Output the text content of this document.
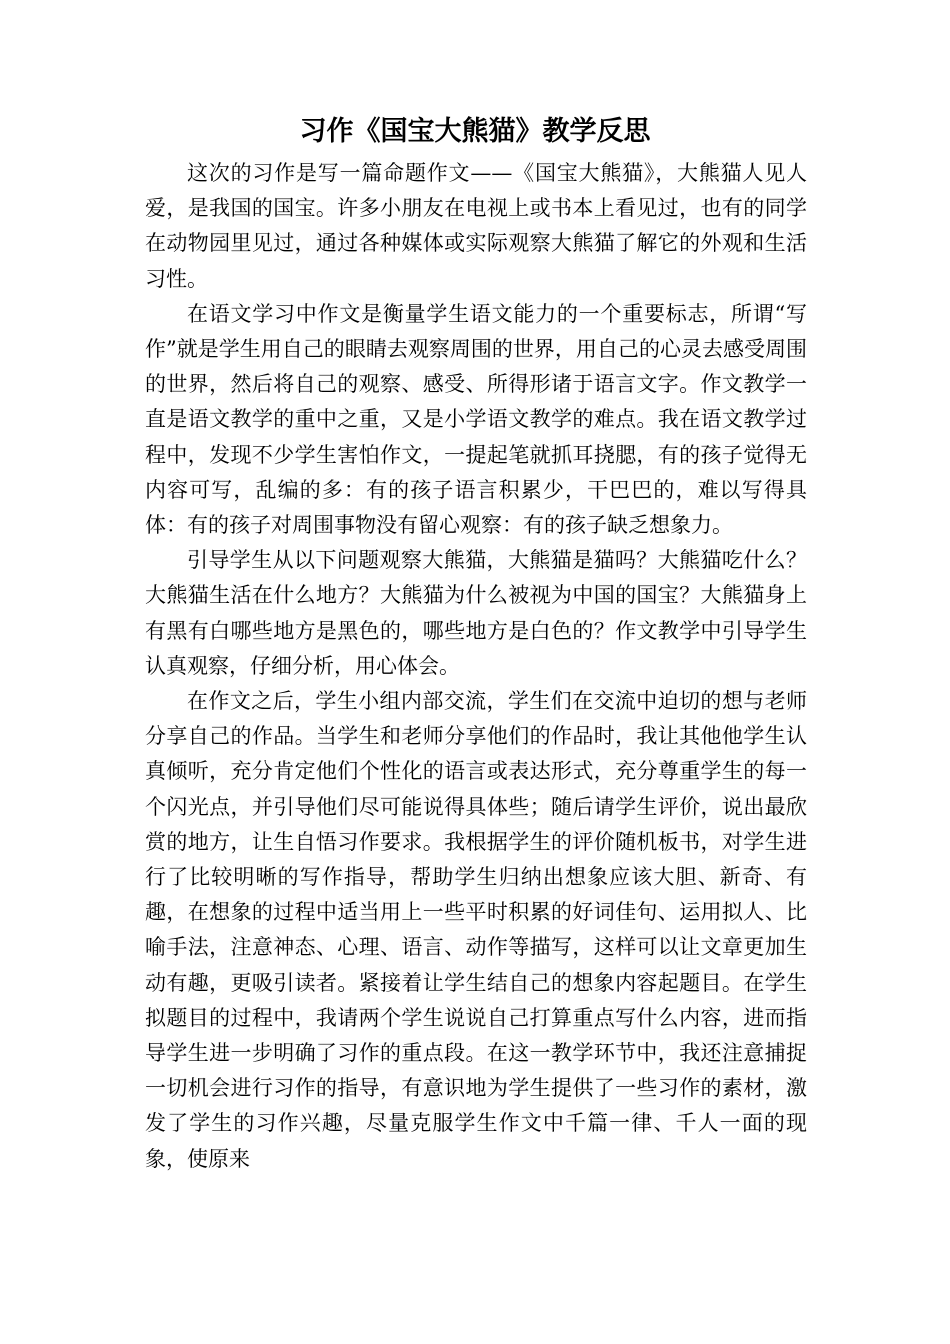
习作《国宝大熊猫》教学反思

这次的习作是写一篇命题作文——《国宝大熊猫》，大熊猫人见人爱，是我国的国宝。许多小朋友在电视上或书本上看见过，也有的同学在动物园里见过，通过各种媒体或实际观察大熊猫了解它的外观和生活习性。

在语文学习中作文是衡量学生语文能力的一个重要标志，所谓“写作”就是学生用自己的眼睛去观察周围的世界，用自己的心灵去感受周围的世界，然后将自己的观察、感受、所得形诸于语言文字。作文教学一直是语文教学的重中之重，又是小学语文教学的难点。我在语文教学过程中，发现不少学生害怕作文，一提起笔就抓耳挠腮，有的孩子觉得无内容可写，乱编的多：有的孩子语言积累少，干巴巴的，难以写得具体：有的孩子对周围事物没有留心观察：有的孩子缺乏想象力。

引导学生从以下问题观察大熊猫，大熊猫是猫吗？大熊猫吃什么？大熊猫生活在什么地方？大熊猫为什么被视为中国的国宝？大熊猫身上有黑有白哪些地方是黑色的，哪些地方是白色的？作文教学中引导学生认真观察，仔细分析，用心体会。

在作文之后，学生小组内部交流，学生们在交流中迫切的想与老师分享自己的作品。当学生和老师分享他们的作品时，我让其他他学生认真倾听，充分肯定他们个性化的语言或表达形式，充分尊重学生的每一个闪光点，并引导他们尽可能说得具体些；随后请学生评价，说出最欣赏的地方，让生自悟习作要求。我根据学生的评价随机板书，对学生进行了比较明晰的写作指导，帮助学生归纳出想象应该大胆、新奇、有趣，在想象的过程中适当用上一些平时积累的好词佳句、运用拟人、比喻手法，注意神态、心理、语言、动作等描写，这样可以让文章更加生动有趣，更吸引读者。紧接着让学生结自己的想象内容起题目。在学生拟题目的过程中，我请两个学生说说自己打算重点写什么内容，进而指导学生进一步明确了习作的重点段。在这一教学环节中，我还注意捕捉一切机会进行习作的指导，有意识地为学生提供了一些习作的素材，激发了学生的习作兴趣，尽量克服学生作文中千篇一律、千人一面的现象，使原来
